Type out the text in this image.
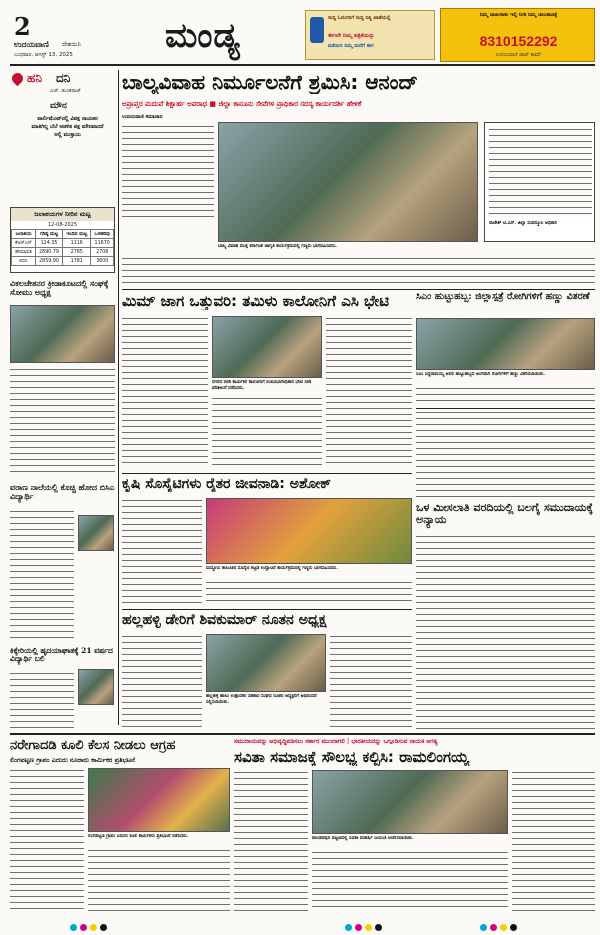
2
ಉದಯವಾಣಿ ದೇಶಯಿನಿ
ಬುಧವಾರ, ಆಗಸ್ಟ್ 13, 2025	ಮಂಡ್ಯ	ಸುದ್ದಿ ಓದುಗರಿಗೆ ಸುದ್ದಿ ನಿತ್ಯ ಖಾತೆಯಲ್ಲಿ
ಈಗಲೇ ನಿಮ್ಮ ಪತ್ರಿಕೆಯನ್ನು
ಪಡೆಯಿರಿ ನಿಮ್ಮ ಮನೆಗೆ ಈಗ
ನಿಮ್ಮ ಜಾಹೀರಾತು ಇಲ್ಲಿ ನೀಡಿ ನಿಮ್ಮ ಜಾಲತಾಣಕ್ಕೆ
8310152292
ಉದಯವಾಣಿ ಡಾಟ್ ಕಾಮ್
ಹನಿ ದನಿ
ಎಚ್. ಡುಂಡಿರಾಜ್
ಮೌನ
ಪಾರ್ಲಿಮೆಂಟ್‌ನಲ್ಲಿ ವಿಪಕ್ಷ ನಾಯಕರ ಮಾತಿಗಿಲ್ಲ ಬೆಲೆ ಆಡಳಿತ ಪಕ್ಷ ಮೌನವಾದರೆ ಅಲ್ಲಿ ಮುಕ್ತಾಯ
ಜಲಾಶಯಗಳ ನೀರಿನ ಮಟ್ಟ
12-08-2025
ಜಲಾಶಯ	ಗರಿಷ್ಠ ಮಟ್ಟ	ಇಂದಿನ ಮಟ್ಟ	ಒಳಹರಿವು
ಕೆಆರ್‌ಎಸ್	124.35	1116	11670
ಹೇಮಾವತಿ	2890.79	2785	2708
ಕಬಿನಿ	2859.90	1781	3600
ವಿಕಲಚೇತನರ ಕ್ರೀಡಾಕೂಟದಲ್ಲಿ ಸಂಘಕ್ಕೆ ಸೋಮು ಅಧ್ಯಕ್ಷ
ವರಾಣ ನಾಲೆಯಲ್ಲಿ ಕೊಚ್ಚಿ ಹೋದ ಬಿಸಿಎ ವಿದ್ಯಾರ್ಥಿ
ಕಿಕ್ಕೇರಿಯಲ್ಲಿ ಹೃದಯಾಘಾತಕ್ಕೆ 21 ವರ್ಷದ ವಿದ್ಯಾರ್ಥಿ ಬಲಿ
ಬಾಲ್ಯವಿವಾಹ ನಿರ್ಮೂಲನೆಗೆ ಶ್ರಮಿಸಿ: ಆನಂದ್
ಅಪ್ರಾಪ್ತರ ಮದುವೆ ಶಿಕ್ಷಾರ್ಹ ಅಪರಾಧ ■ ಜಿಲ್ಲಾ ಕಾನೂನು ಸೇವೆಗಳ ಪ್ರಾಧಿಕಾರ ಸದಸ್ಯ ಕಾರ್ಯದರ್ಶಿ ಹೇಳಿಕೆ
ಉದಯವಾಣಿ ಸಮಾಚಾರ
ಬಾಲ್ಯ ವಿವಾಹ ಮುಕ್ತ ಕರ್ನಾಟಕ ಜಾಗೃತಿ ಕಾರ್ಯಕ್ರಮದಲ್ಲಿ ಗಣ್ಯರು ಭಾಗವಹಿಸಿದರು.
ರಾಜೇಶ್ ಟಿ.ಎಸ್. ಜಿಲ್ಲಾ ಸಂಪನ್ಮೂಲ ಅಧಿಕಾರಿ
ಮಿಮ್ ಜಾಗ ಒತ್ತುವರಿ: ತಮಿಳು ಕಾಲೋನಿಗೆ ಎಸಿ ಭೇಟಿ
ನಗರದ ಬೀಡಿ ಕಾರ್ಮಿಕರ ಕಾಲೋನಿಗೆ ಉಪವಿಭಾಗಾಧಿಕಾರಿ ಭೇಟಿ ನೀಡಿ ಪರಿಶೀಲನೆ ನಡೆಸಿದರು.
ಸಿಎಂ ಹುಟ್ಟುಹಬ್ಬ: ಜಿಲ್ಲಾಸ್ಪತ್ರೆ ರೋಗಿಗಳಿಗೆ ಹಣ್ಣು ವಿತರಣೆ
ಸಿಎಂ ಸಿದ್ದರಾಮಯ್ಯ ಅವರ ಹುಟ್ಟುಹಬ್ಬದ ಅಂಗವಾಗಿ ರೋಗಿಗಳಿಗೆ ಹಣ್ಣು ವಿತರಿಸಲಾಯಿತು.
ಕೃಷಿ ಸೊಸೈಟಿಗಳು ರೈತರ ಜೀವನಾಡಿ: ಅಶೋಕ್
ಮದ್ದೂರು ತಾಲೂಕಿನ ಸೊಸೈಟಿ ಕಟ್ಟಡ ಉದ್ಘಾಟನೆ ಕಾರ್ಯಕ್ರಮದಲ್ಲಿ ಗಣ್ಯರು ಭಾಗವಹಿಸಿದರು.
ಒಳ ಮೀಸಲಾತಿ ವರದಿಯಲ್ಲಿ ಬಲಗೈ ಸಮುದಾಯಕ್ಕೆ ಅನ್ಯಾಯ
ಹಲ್ಲಹಳ್ಳಿ ಡೇರಿಗೆ ಶಿವಕುಮಾರ್ ನೂತನ ಅಧ್ಯಕ್ಷ
ಹಲ್ಲಹಳ್ಳಿ ಹಾಲು ಉತ್ಪಾದಕರ ಸಹಕಾರ ಸಂಘದ ನೂತನ ಅಧ್ಯಕ್ಷರಿಗೆ ಅಭಿನಂದನೆ ಸಲ್ಲಿಸಲಾಯಿತು.
ನರೇಗಾದಡಿ ಕೂಲಿ ಕೆಲಸ ನೀಡಲು ಆಗ್ರಹ
ಲಿಂಗಪಟ್ಟಣ ಗ್ರಾಪಂ ಎದುರು ನೂರಾರು ಕಾರ್ಮಿಕರ ಪ್ರತಿಭಟನೆ
ಲಿಂಗಪಟ್ಟಣ ಗ್ರಾಪಂ ಎದುರು ಕೂಲಿ ಕಾರ್ಮಿಕರು ಪ್ರತಿಭಟನೆ ನಡೆಸಿದರು.
ಸಮುದಾಯವನ್ನು ಅಭಿವೃದ್ಧಿಪಡಿಸಲು ಸರ್ಕಾರ ಮುಂದಾಗಲಿ | ಭಾರತೀಯರನ್ನು ಒಗ್ಗೂಡಿಸುವ ನಾಯಕ ಅಗತ್ಯ
ಸವಿತಾ ಸಮಾಜಕ್ಕೆ ಸೌಲಭ್ಯ ಕಲ್ಪಿಸಿ: ರಾಮಲಿಂಗಯ್ಯ
ಪಾಂಡವಪುರ ಪಟ್ಟಣದಲ್ಲಿ ಸವಿತಾ ಮಹರ್ಷಿ ಜಯಂತಿ ಆಚರಿಸಲಾಯಿತು.
